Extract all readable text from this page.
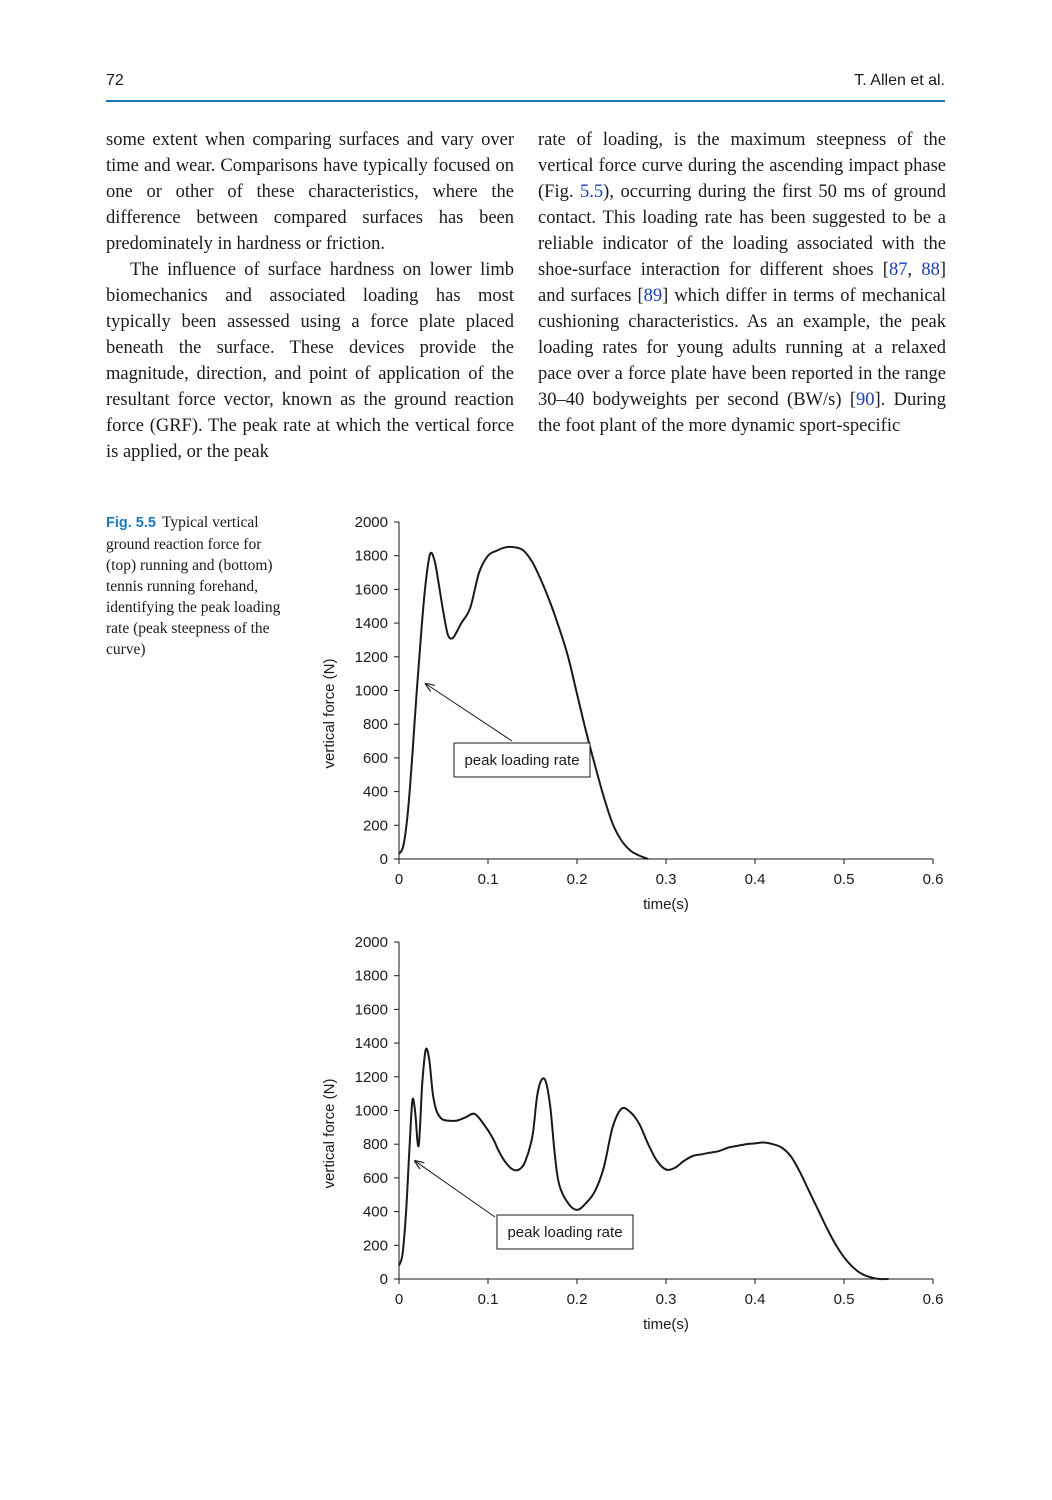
72	T. Allen et al.

some extent when comparing surfaces and vary over time and wear. Comparisons have typically focused on one or other of these characteristics, where the difference between compared surfaces has been predominately in hardness or friction.

The influence of surface hardness on lower limb biomechanics and associated loading has most typically been assessed using a force plate placed beneath the surface. These devices provide the magnitude, direction, and point of application of the resultant force vector, known as the ground reaction force (GRF). The peak rate at which the vertical force is applied, or the peak

rate of loading, is the maximum steepness of the vertical force curve during the ascending impact phase (Fig. 5.5), occurring during the first 50 ms of ground contact. This loading rate has been suggested to be a reliable indicator of the loading associated with the shoe-surface interaction for different shoes [87, 88] and surfaces [89] which differ in terms of mechanical cushioning characteristics. As an example, the peak loading rates for young adults running at a relaxed pace over a force plate have been reported in the range 30–40 bodyweights per second (BW/s) [90]. During the foot plant of the more dynamic sport-specific

Fig. 5.5 Typical vertical ground reaction force for (top) running and (bottom) tennis running forehand, identifying the peak loading rate (peak steepness of the curve)
0
200
400
600
800
1000
1200
1400
1600
1800
2000
0	0.1	0.2	0.3	0.4	0.5	0.6
time(s)
vertical force (N)	peak loading rate
0
200
400
600
800
1000
1200
1400
1600
1800
2000
0	0.1	0.2	0.3	0.4	0.5	0.6
time(s)
vertical force (N)
peak loading rate
